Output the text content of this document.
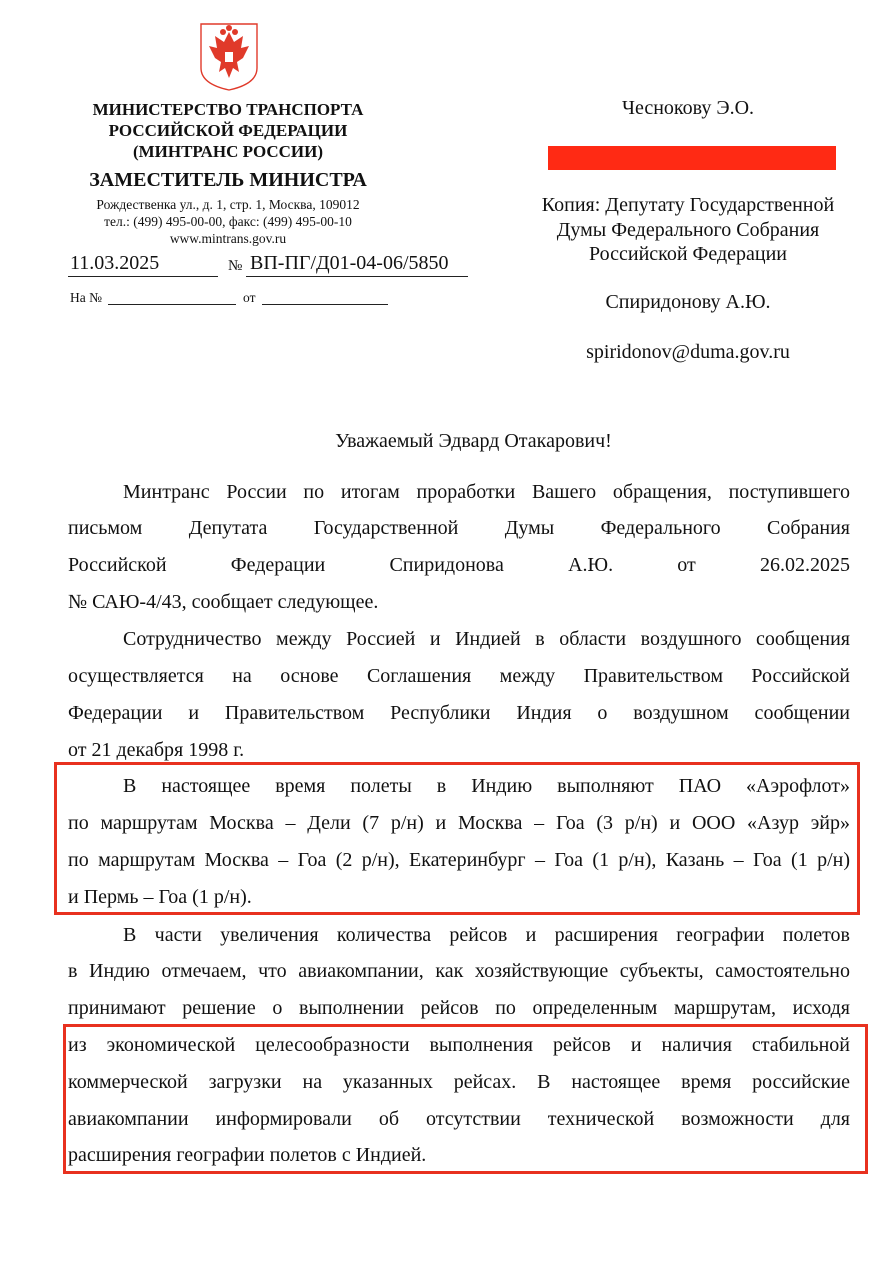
МИНИСТЕРСТВО ТРАНСПОРТА
РОССИЙСКОЙ ФЕДЕРАЦИИ
(МИНТРАНС РОССИИ)
ЗАМЕСТИТЕЛЬ МИНИСТРА
Рождественка ул., д. 1, стр. 1, Москва, 109012
тел.: (499) 495-00-00, факс: (499) 495-00-10
www.mintrans.gov.ru
11.03.2025	№ ВП-ПГ/Д01-04-06/5850
На №	от
Чеснокову Э.О.
Копия: Депутату Государственной
Думы Федерального Собрания
Российской Федерации
Спиридонову А.Ю.
spiridonov@duma.gov.ru
Уважаемый Эдвард Отакарович!
Минтранс России по итогам проработки Вашего обращения, поступившего
письмом Депутата Государственной Думы Федерального Собрания
Российской Федерации Спиридонова А.Ю. от 26.02.2025
№ САЮ-4/43, сообщает следующее.
Сотрудничество между Россией и Индией в области воздушного сообщения
осуществляется на основе Соглашения между Правительством Российской
Федерации и Правительством Республики Индия о воздушном сообщении
от 21 декабря 1998 г.
В настоящее время полеты в Индию выполняют ПАО «Аэрофлот»
по маршрутам Москва – Дели (7 р/н) и Москва – Гоа (3 р/н) и ООО «Азур эйр»
по маршрутам Москва – Гоа (2 р/н), Екатеринбург – Гоа (1 р/н), Казань – Гоа (1 р/н)
и Пермь – Гоа (1 р/н).
В части увеличения количества рейсов и расширения географии полетов
в Индию отмечаем, что авиакомпании, как хозяйствующие субъекты, самостоятельно
принимают решение о выполнении рейсов по определенным маршрутам, исходя
из экономической целесообразности выполнения рейсов и наличия стабильной
коммерческой загрузки на указанных рейсах. В настоящее время российские
авиакомпании информировали об отсутствии технической возможности для
расширения географии полетов с Индией.
